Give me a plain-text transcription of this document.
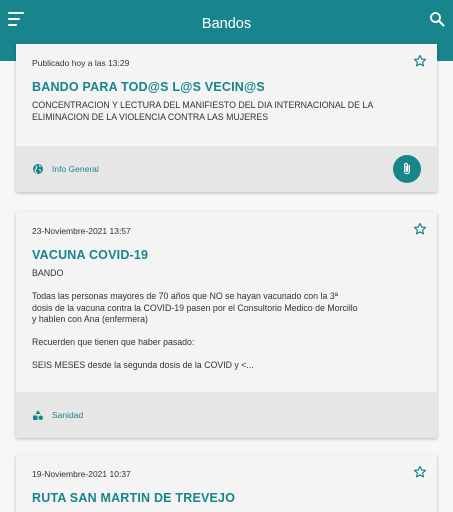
Bandos
Publicado hoy a las 13:29
BANDO PARA TOD@S L@S VECIN@S
CONCENTRACION Y LECTURA DEL MANIFIESTO DEL DIA INTERNACIONAL DE LA
ELIMINACION DE LA VIOLENCIA CONTRA LAS MUJERES
Info General
23-Noviembre-2021 13:57
VACUNA COVID-19
BANDO

Todas las personas mayores de 70 años que NO se hayan vacunado con la 3ª
dosis de la vacuna contra la COVID-19 pasen por el Consultorio Medico de Morcillo
y hablen con Ana (enfermera)

Recuerden que tienen que haber pasado:

SEIS MESES desde la segunda dosis de la COVID y <...
Sanidad
19-Noviembre-2021 10:37
RUTA SAN MARTIN DE TREVEJO
